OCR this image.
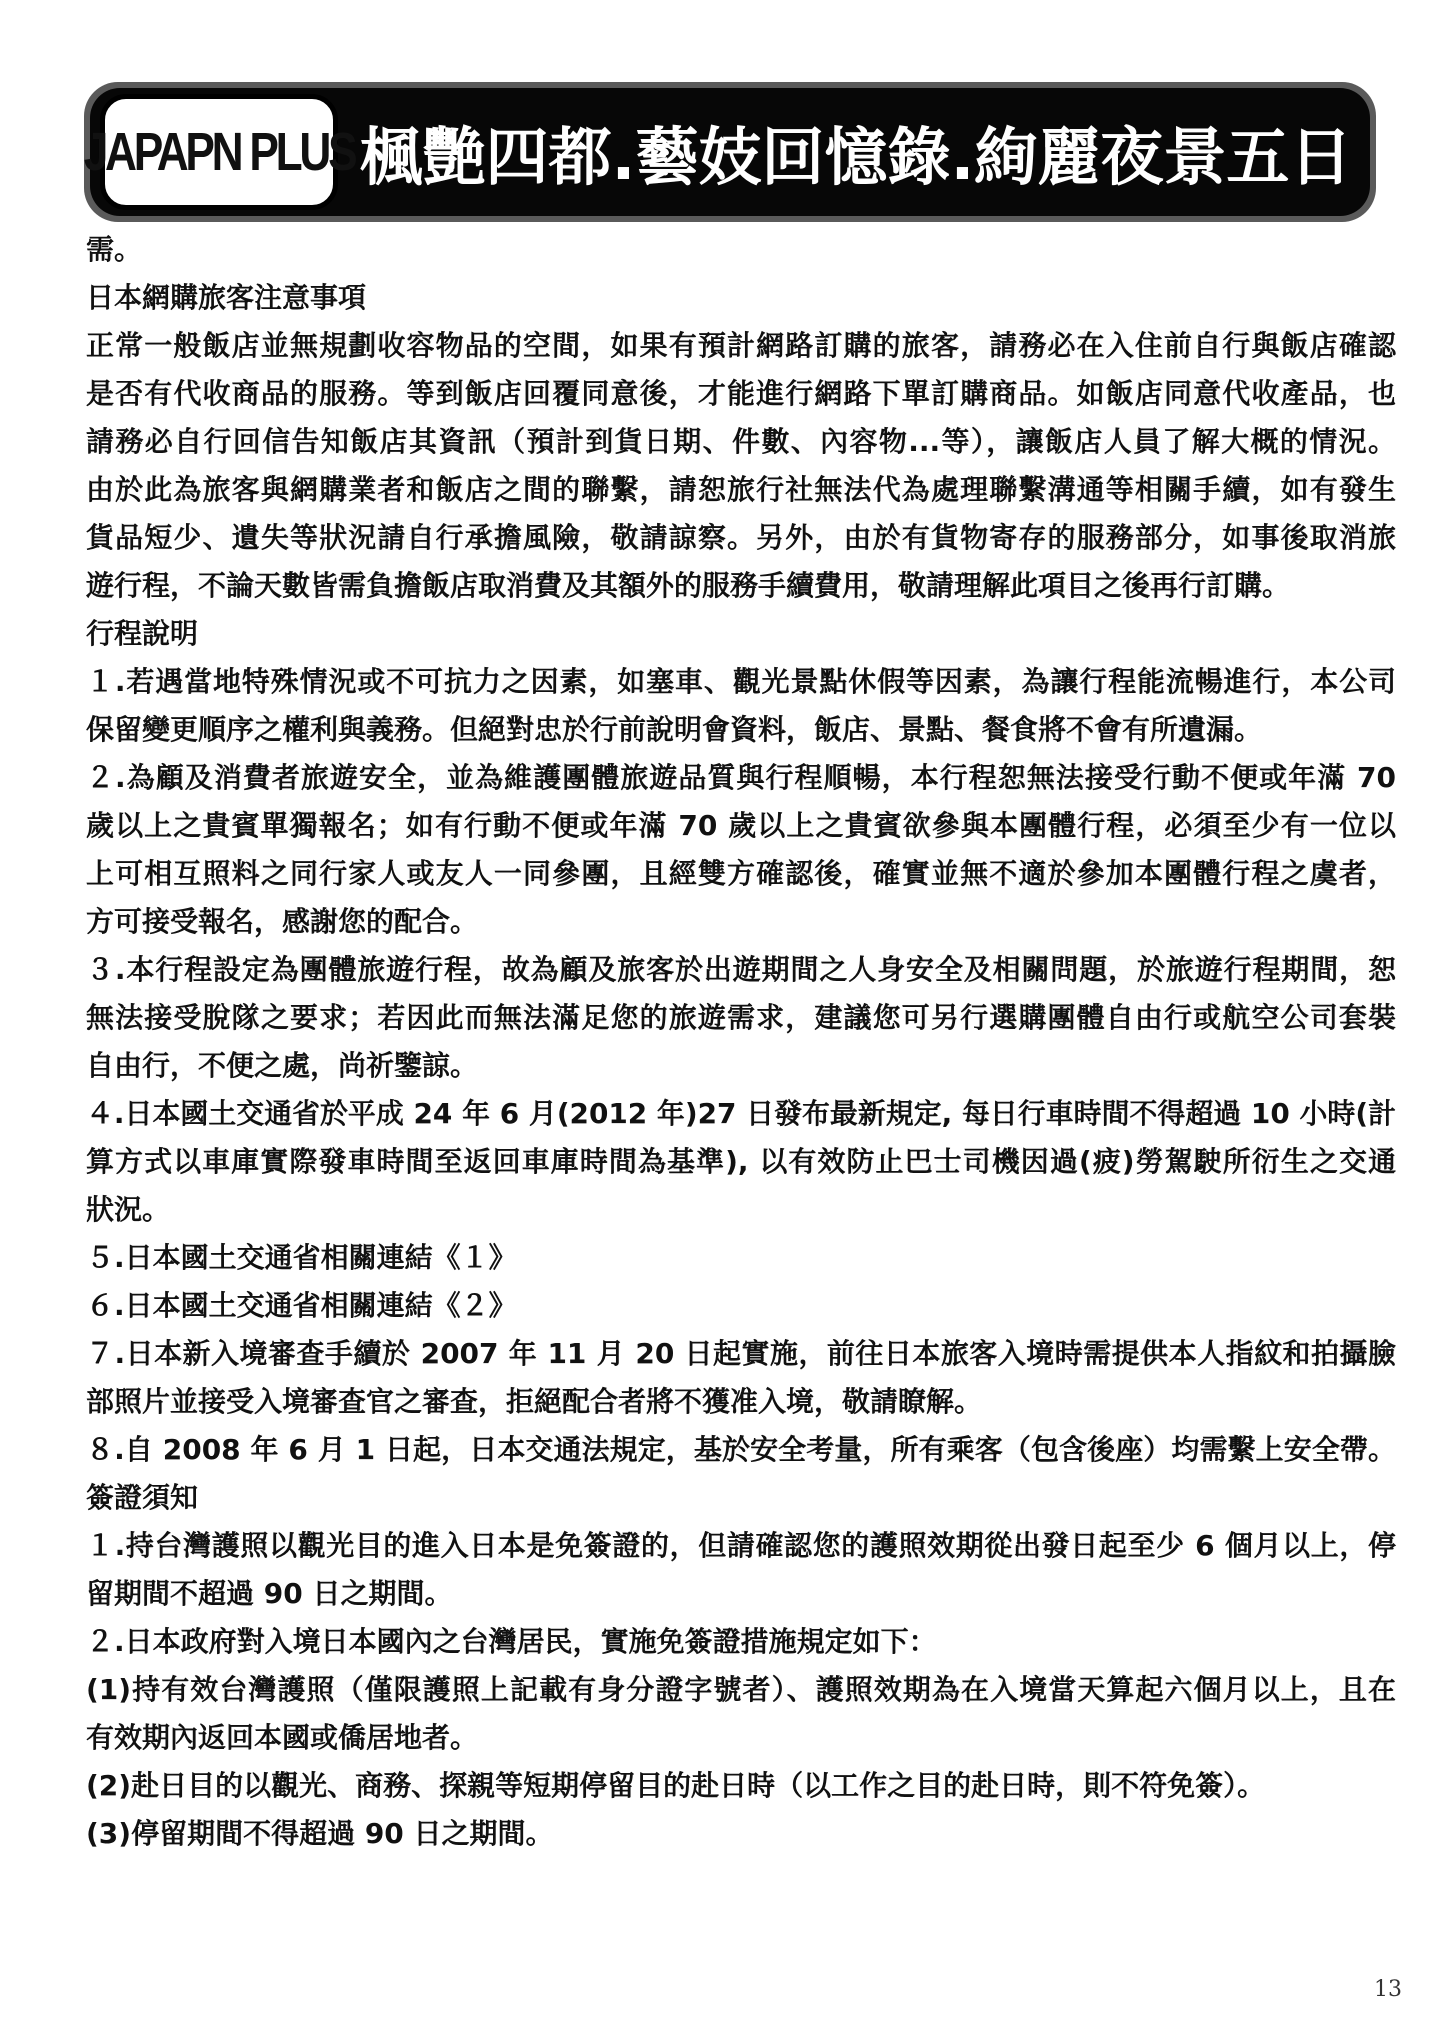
JAPAPN PLUS 楓艷四都.藝妓回憶錄.絢麗夜景五日
需。
日本網購旅客注意事項
正常一般飯店並無規劃收容物品的空間，如果有預計網路訂購的旅客，請務必在入住前自行與飯店確認
是否有代收商品的服務。等到飯店回覆同意後，才能進行網路下單訂購商品。如飯店同意代收產品，也
請務必自行回信告知飯店其資訊（預計到貨日期、件數、內容物...等），讓飯店人員了解大概的情況。
由於此為旅客與網購業者和飯店之間的聯繫，請恕旅行社無法代為處理聯繫溝通等相關手續，如有發生
貨品短少、遺失等狀況請自行承擔風險，敬請諒察。另外，由於有貨物寄存的服務部分，如事後取消旅
遊行程，不論天數皆需負擔飯店取消費及其額外的服務手續費用，敬請理解此項目之後再行訂購。
行程說明
１.若遇當地特殊情況或不可抗力之因素，如塞車、觀光景點休假等因素，為讓行程能流暢進行，本公司
保留變更順序之權利與義務。但絕對忠於行前說明會資料，飯店、景點、餐食將不會有所遺漏。
２.為顧及消費者旅遊安全，並為維護團體旅遊品質與行程順暢，本行程恕無法接受行動不便或年滿 70
歲以上之貴賓單獨報名；如有行動不便或年滿 70 歲以上之貴賓欲參與本團體行程，必須至少有一位以
上可相互照料之同行家人或友人一同參團，且經雙方確認後，確實並無不適於參加本團體行程之虞者，
方可接受報名，感謝您的配合。
３.本行程設定為團體旅遊行程，故為顧及旅客於出遊期間之人身安全及相關問題，於旅遊行程期間，恕
無法接受脫隊之要求；若因此而無法滿足您的旅遊需求，建議您可另行選購團體自由行或航空公司套裝
自由行，不便之處，尚祈鑒諒。
４.日本國土交通省於平成 24 年 6 月(2012 年)27 日發布最新規定, 每日行車時間不得超過 10 小時(計
算方式以車庫實際發車時間至返回車庫時間為基準), 以有效防止巴士司機因過(疲)勞駕駛所衍生之交通
狀況。
５.日本國土交通省相關連結《１》
６.日本國土交通省相關連結《２》
７.日本新入境審查手續於 2007 年 11 月 20 日起實施，前往日本旅客入境時需提供本人指紋和拍攝臉
部照片並接受入境審查官之審查，拒絕配合者將不獲准入境，敬請瞭解。
８.自 2008 年 6 月 1 日起，日本交通法規定，基於安全考量，所有乘客（包含後座）均需繫上安全帶。
簽證須知
１.持台灣護照以觀光目的進入日本是免簽證的，但請確認您的護照效期從出發日起至少 6 個月以上，停
留期間不超過 90 日之期間。
２.日本政府對入境日本國內之台灣居民，實施免簽證措施規定如下：
(1)持有效台灣護照（僅限護照上記載有身分證字號者）、護照效期為在入境當天算起六個月以上，且在
有效期內返回本國或僑居地者。
(2)赴日目的以觀光、商務、探親等短期停留目的赴日時（以工作之目的赴日時，則不符免簽）。
(3)停留期間不得超過 90 日之期間。
13
